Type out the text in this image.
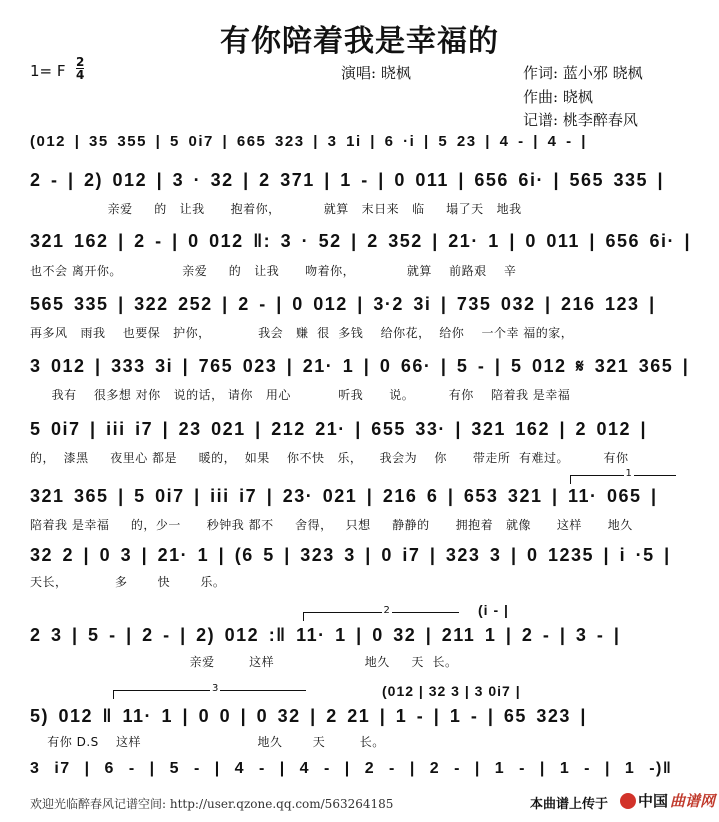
有你陪着我是幸福的
1= F 2
4	演唱: 晓枫	作词: 蓝小邪 晓枫
作曲: 晓枫
记谱: 桃李醉春风
(012 | 35 355 | 5 0i7 | 665 323 | 3 1i | 6 ·i | 5 23 | 4 - | 4 - |
2 - | 2) 012 | 3 · 32 | 2 371 | 1 - | 0 011 | 656 6i· | 565 335 |
亲爱     的   让我      抱着你，          就算   末日来   临     塌了天   地我
321 162 | 2 - | 0 012 ‖: 3 · 52 | 2 352 | 21· 1 | 0 011 | 656 6i· |
也不会 离开你。              亲爱     的   让我      吻着你，            就算    前路艰    辛
565 335 | 322 252 | 2 - | 0 012 | 3·2 3i | 735 032 | 216 123 |
再多风   雨我    也要保   护你，           我会   赚  很  多钱    给你花，  给你    一个幸 福的家，
3 012 | 333 3i | 765 023 | 21· 1 | 0 66· | 5 - | 5 012 𝄋 321 365 |
我有    很多想 对你   说的话， 请你   用心           听我      说。        有你    陪着我 是幸福
5 0i7 | iii i7 | 23 021 | 212 21· | 655 33· | 321 162 | 2 012 |
的，  漆黑     夜里心 都是     暖的，  如果    你不快   乐，    我会为    你      带走所  有难过。        有你
1
321 365 | 5 0i7 | iii i7 | 23· 021 | 216 6 | 653 321 | 11· 065 |
陪着我 是幸福     的，少一      秒钟我 都不     舍得，   只想     静静的      拥抱着   就像      这样      地久
32 2 | 0 3 | 21· 1 | (6 5 | 323 3 | 0 i7 | 323 3 | 0 1235 | i ·5 |
天长，           多       快       乐。
2	(i - |
2 3 | 5 - | 2 - | 2) 012 :‖ 11· 1 | 0 32 | 211 1 | 2 - | 3 - |
亲爱        这样                     地久     天  长。
3	(012 | 32 3 | 3 0i7 |
5) 012 ‖ 11· 1 | 0 0 | 0 32 | 2 21 | 1 - | 1 - | 65 323 |
有你 D.S    这样                           地久       天        长。
3 i7 | 6 - | 5 - | 4 - | 4 - | 2 - | 2 - | 1 - | 1 - | 1 -)‖
欢迎光临醉春风记谱空间: http://user.qzone.qq.com/563264185	本曲谱上传于 中国 曲谱网
